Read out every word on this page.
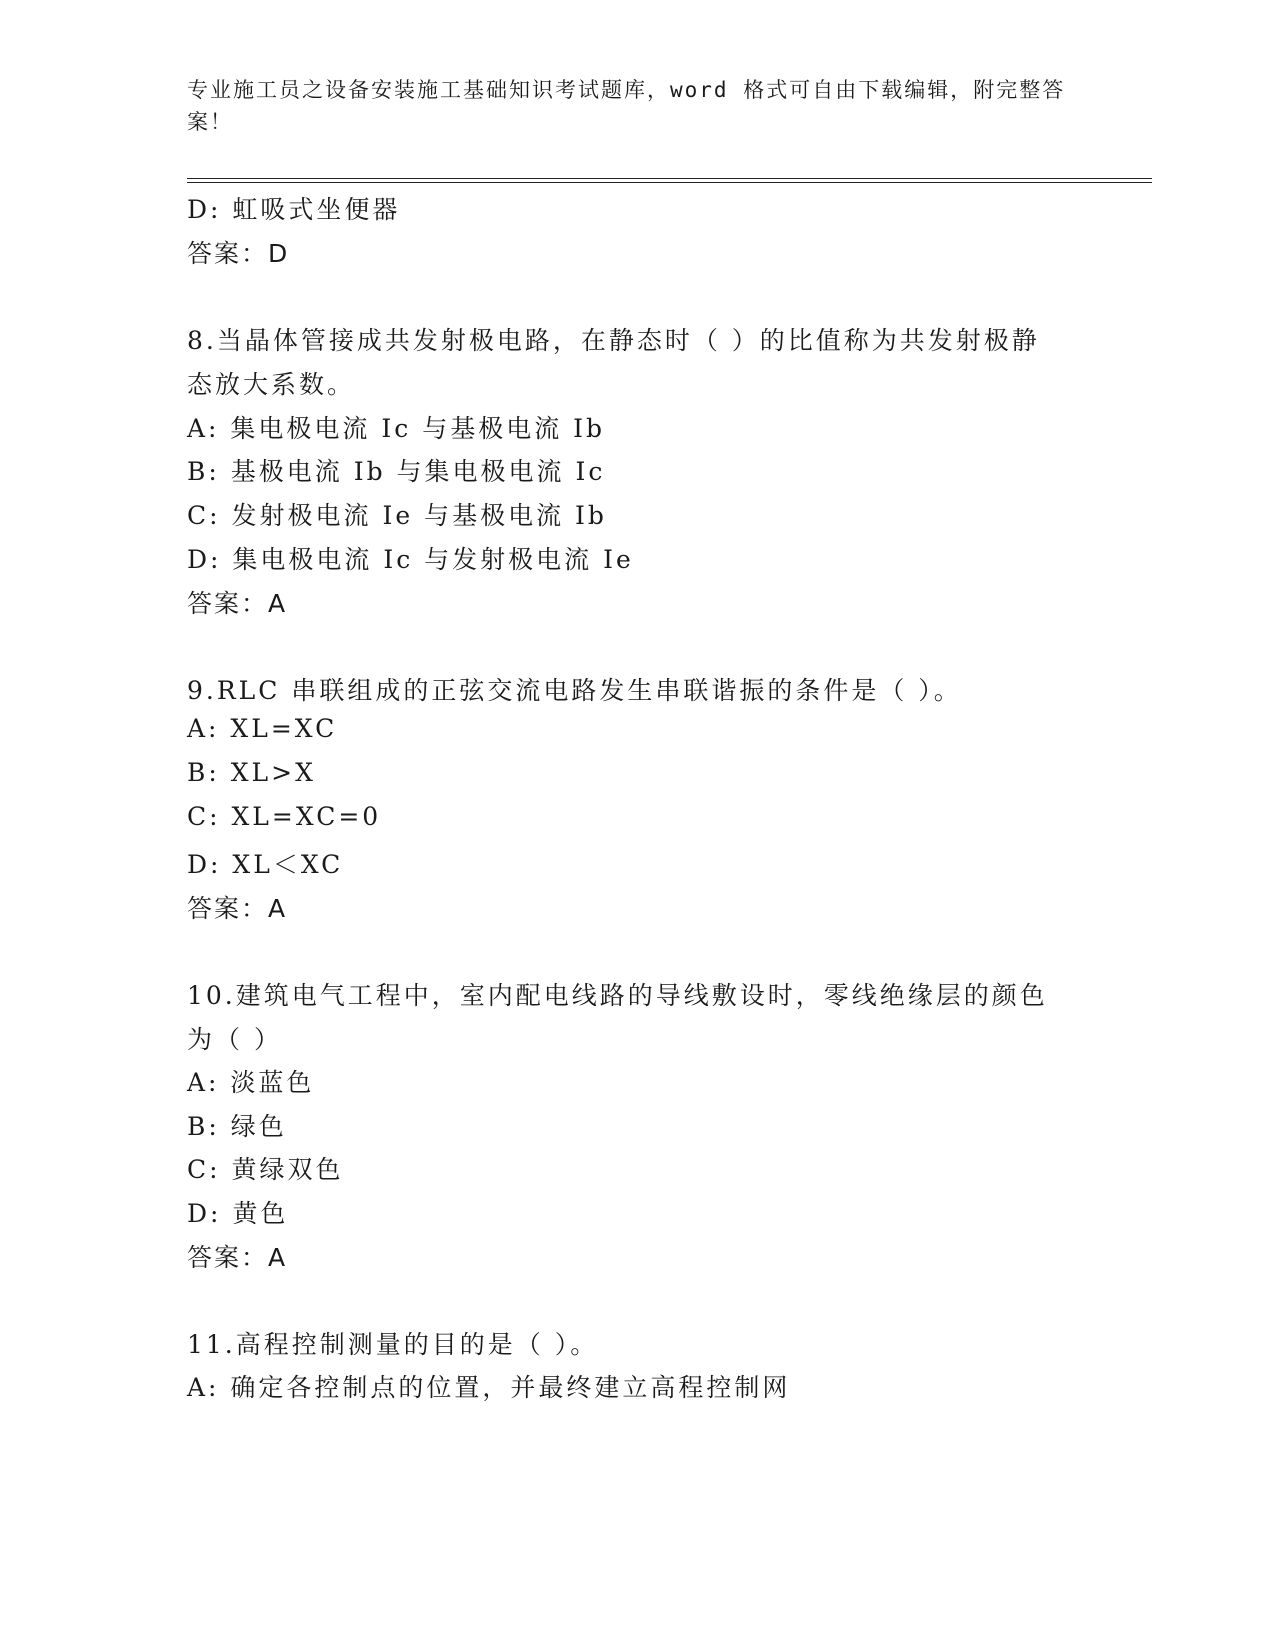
专业施工员之设备安装施工基础知识考试题库，word 格式可自由下载编辑，附完整答案！
D: 虹吸式坐便器
答案：D
8.当晶体管接成共发射极电路，在静态时（ ）的比值称为共发射极静
态放大系数。
A: 集电极电流 Ic 与基极电流 Ib
B: 基极电流 Ib 与集电极电流 Ic
C: 发射极电流 Ie 与基极电流 Ib
D: 集电极电流 Ic 与发射极电流 Ie
答案：A
9.RLC 串联组成的正弦交流电路发生串联谐振的条件是（ ）。
A: XL=XC
B: XL>X
C: XL=XC=0
D: XL＜XC
答案：A
10.建筑电气工程中，室内配电线路的导线敷设时，零线绝缘层的颜色
为（ ）
A: 淡蓝色
B: 绿色
C: 黄绿双色
D: 黄色
答案：A
11.高程控制测量的目的是（ ）。
A: 确定各控制点的位置，并最终建立高程控制网
